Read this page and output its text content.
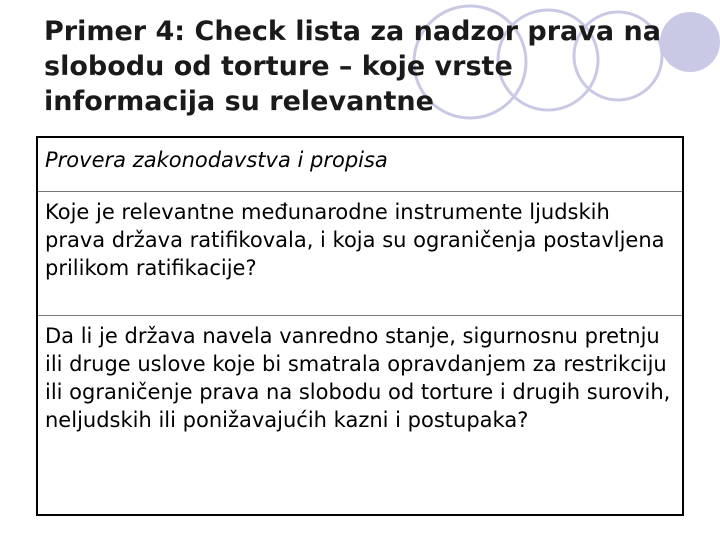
Primer 4: Check lista za nadzor prava na slobodu od torture – koje vrste informacija su relevantne
Provera zakonodavstva i propisa
Koje je relevantne međunarodne instrumente ljudskih prava država ratifikovala, i koja su ograničenja postavljena prilikom ratifikacije?
Da li je država navela vanredno stanje, sigurnosnu pretnju ili druge uslove koje bi smatrala opravdanjem za restrikciju ili ograničenje prava na slobodu od torture i drugih surovih, neljudskih ili ponižavajućih kazni i postupaka?
